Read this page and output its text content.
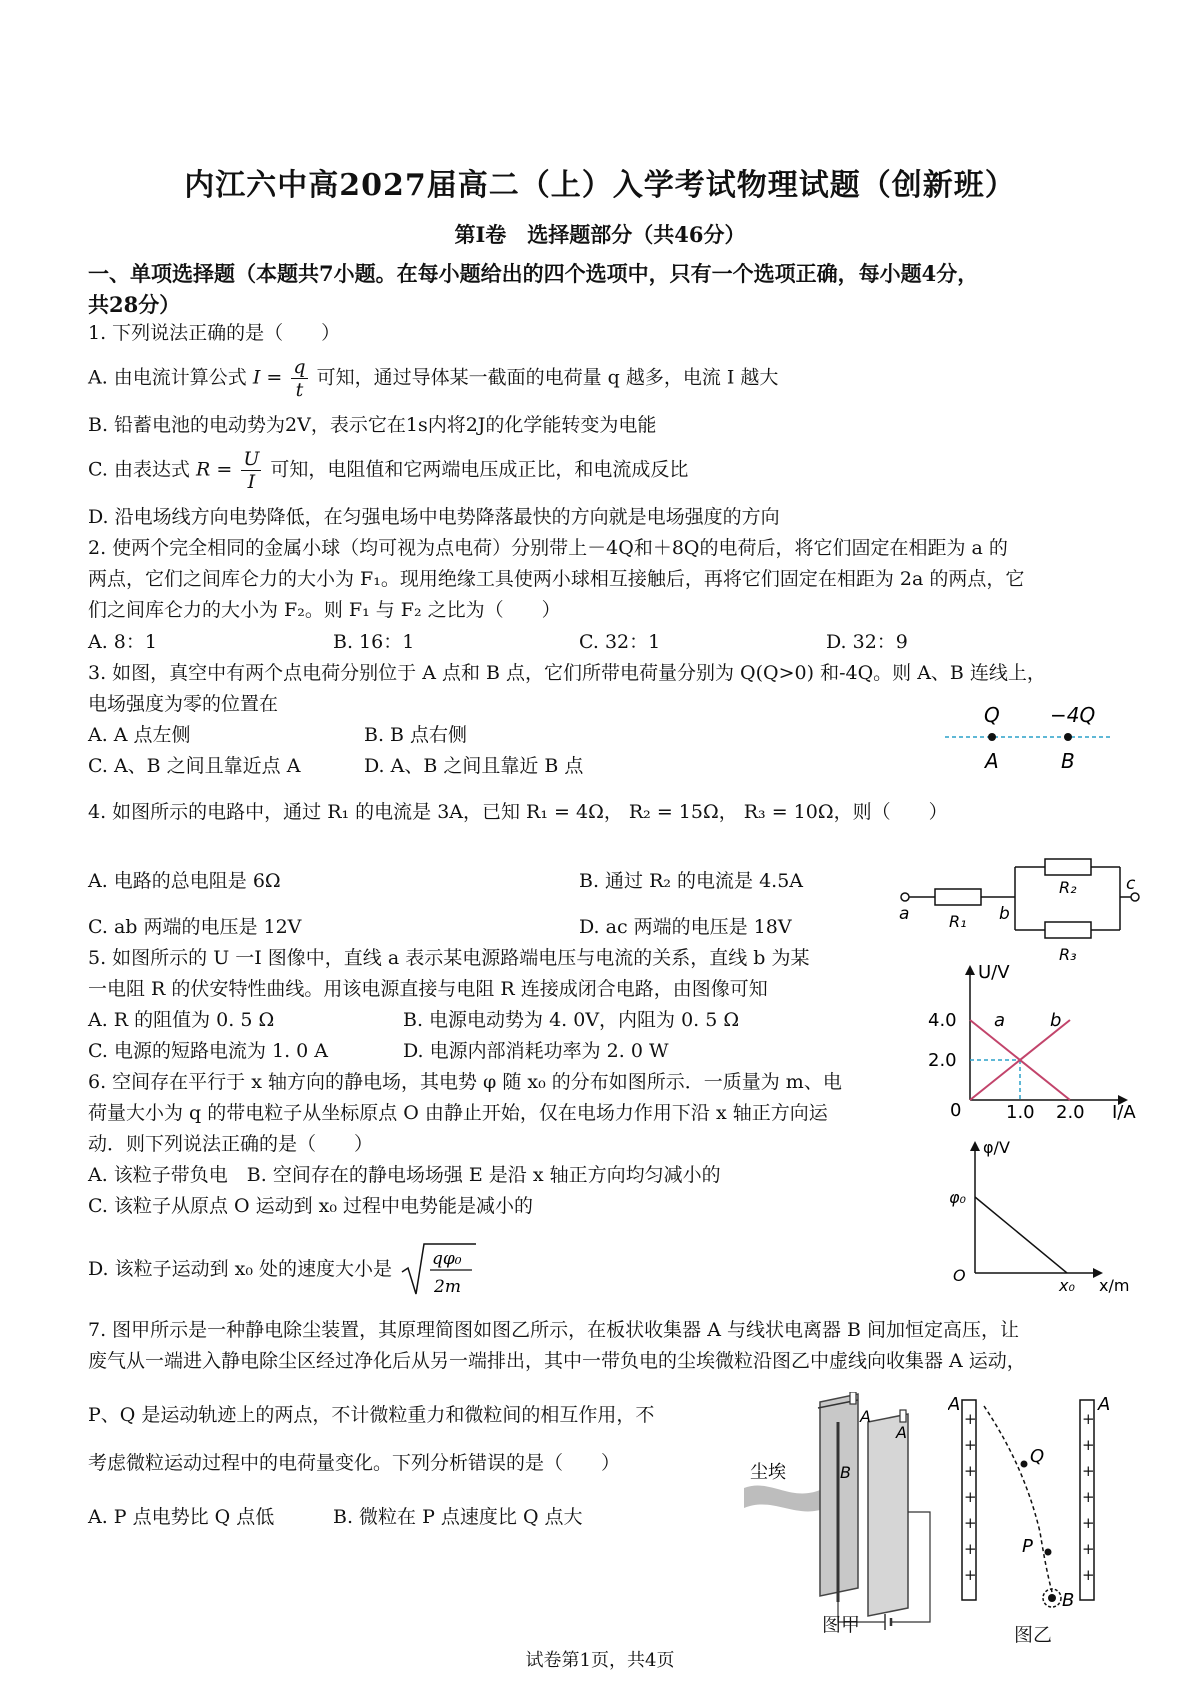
内江六中高2027届高二（上）入学考试物理试题（创新班）
第Ⅰ卷　选择题部分（共46分）
一、单项选择题（本题共7小题。在每小题给出的四个选项中，只有一个选项正确，每小题4分，
共28分）
1. 下列说法正确的是（　　）
A. 由电流计算公式 $I = \frac{q}{t}$ 可知，通过导体某一截面的电荷量 q 越多，电流 I 越大
B. 铅蓄电池的电动势为2V，表示它在1s内将2J的化学能转变为电能
C. 由表达式 $R = \frac{U}{I}$ 可知，电阻值和它两端电压成正比，和电流成反比
D. 沿电场线方向电势降低，在匀强电场中电势降落最快的方向就是电场强度的方向
2. 使两个完全相同的金属小球（均可视为点电荷）分别带上－4Q和＋8Q的电荷后，将它们固定在相距为 a 的
两点，它们之间库仑力的大小为 F₁。现用绝缘工具使两小球相互接触后，再将它们固定在相距为 2a 的两点，它
们之间库仑力的大小为 F₂。则 F₁ 与 F₂ 之比为（　　）
A. 8：1	B. 16：1	C. 32：1	D. 32：9
3. 如图，真空中有两个点电荷分别位于 A 点和 B 点，它们所带电荷量分别为 Q(Q>0) 和-4Q。则 A、B 连线上，
电场强度为零的位置在
A. A 点左侧	B. B 点右侧
C. A、B 之间且靠近点 A	D. A、B 之间且靠近 B 点
Q	−4Q
A	B
4. 如图所示的电路中，通过 R₁ 的电流是 3A，已知 R₁ = 4Ω， R₂ = 15Ω， R₃ = 10Ω，则（　　）
A. 电路的总电阻是 6Ω	B. 通过 R₂ 的电流是 4.5A
C. ab 两端的电压是 12V	D. ac 两端的电压是 18V
a	b
c
R₁
R₂
R₃
5. 如图所示的 U 一I 图像中，直线 a 表示某电源路端电压与电流的关系，直线 b 为某
一电阻 R 的伏安特性曲线。用该电源直接与电阻 R 连接成闭合电路，由图像可知
A. R 的阻值为 0. 5 Ω	B. 电源电动势为 4. 0V，内阻为 0. 5 Ω
C. 电源的短路电流为 1. 0 A	D. 电源内部消耗功率为 2. 0 W
U/V
I/A
4.0
2.0
0 1.0 2.0
a b
6. 空间存在平行于 x 轴方向的静电场，其电势 φ 随 x₀ 的分布如图所示．一质量为 m、电
荷量大小为 q 的带电粒子从坐标原点 O 由静止开始，仅在电场力作用下沿 x 轴正方向运
动．则下列说法正确的是（　　）
A. 该粒子带负电　B. 空间存在的静电场场强 E 是沿 x 轴正方向均匀减小的
C. 该粒子从原点 O 运动到 x₀ 过程中电势能是减小的
D. 该粒子运动到 x₀ 处的速度大小是 qφ₀
2m
φ/V
x/m
φ₀
O
x₀
7. 图甲所示是一种静电除尘装置，其原理简图如图乙所示，在板状收集器 A 与线状电离器 B 间加恒定高压，让
废气从一端进入静电除尘区经过净化后从另一端排出，其中一带负电的尘埃微粒沿图乙中虚线向收集器 A 运动，
P、Q 是运动轨迹上的两点，不计微粒重力和微粒间的相互作用，不
考虑微粒运动过程中的电荷量变化。下列分析错误的是（　　）
A. P 点电势比 Q 点低	B. 微粒在 P 点速度比 Q 点大
尘埃
A
A
B
图甲
+
+
+
+
+
+
+
+
+
+
+
+
+
+
A	A
Q
P
B
图乙
试卷第1页，共4页
